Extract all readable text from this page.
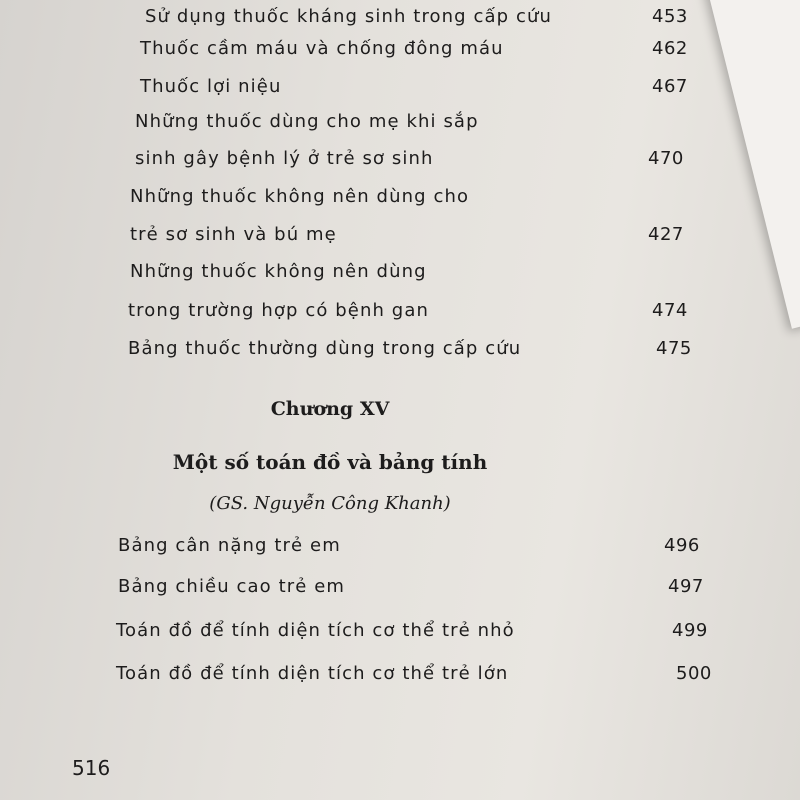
Sử dụng thuốc kháng sinh trong cấp cứu	453
Thuốc cầm máu và chống đông máu	462
Thuốc lợi niệu	467
Những thuốc dùng cho mẹ khi sắp
sinh gây bệnh lý ở trẻ sơ sinh	470
Những thuốc không nên dùng cho
trẻ sơ sinh và bú mẹ	427
Những thuốc không nên dùng
trong trường hợp có bệnh gan	474
Bảng thuốc thường dùng trong cấp cứu	475
Chương XV
Một số toán đồ và bảng tính
(GS. Nguyễn Công Khanh)
Bảng cân nặng trẻ em	496
Bảng chiều cao trẻ em	497
Toán đồ để tính diện tích cơ thể trẻ nhỏ	499
Toán đồ để tính diện tích cơ thể trẻ lớn	500
516
